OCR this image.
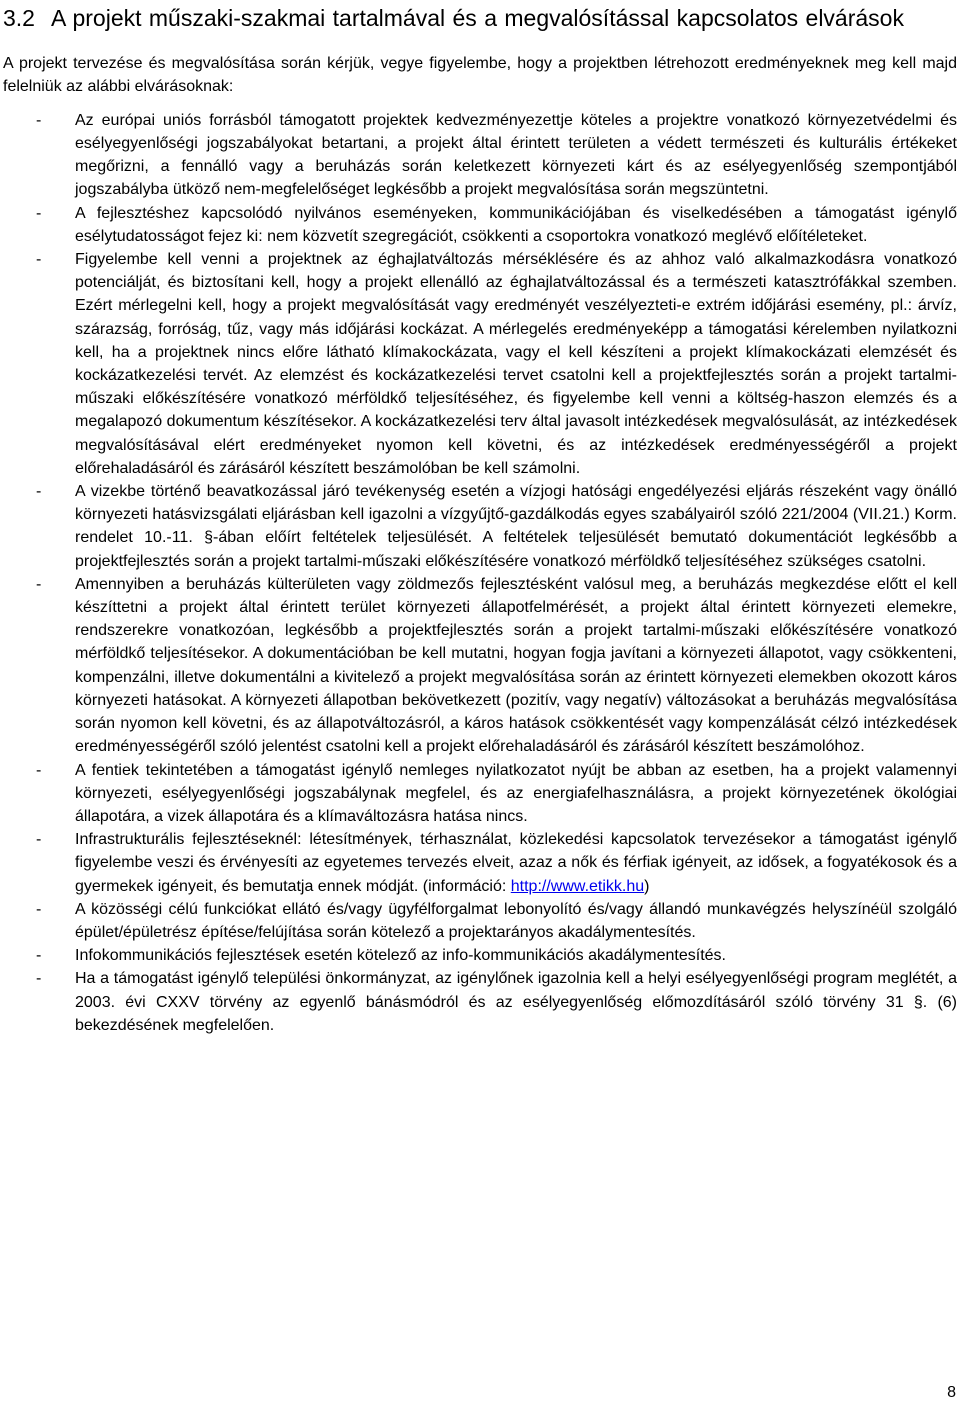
3.2 A projekt műszaki-szakmai tartalmával és a megvalósítással kapcsolatos elvárások

A projekt tervezése és megvalósítása során kérjük, vegye figyelembe, hogy a projektben létrehozott eredményeknek meg kell majd felelniük az alábbi elvárásoknak:

- Az európai uniós forrásból támogatott projektek kedvezményezettje köteles a projektre vonatkozó környezetvédelmi és esélyegyenlőségi jogszabályokat betartani, a projekt által érintett területen a védett természeti és kulturális értékeket megőrizni, a fennálló vagy a beruházás során keletkezett környezeti kárt és az esélyegyenlőség szempontjából jogszabályba ütköző nem-megfelelőséget legkésőbb a projekt megvalósítása során megszüntetni.
- A fejlesztéshez kapcsolódó nyilvános eseményeken, kommunikációjában és viselkedésében a támogatást igénylő esélytudatosságot fejez ki: nem közvetít szegregációt, csökkenti a csoportokra vonatkozó meglévő előítéleteket.
- Figyelembe kell venni a projektnek az éghajlatváltozás mérséklésére és az ahhoz való alkalmazkodásra vonatkozó potenciálját, és biztosítani kell, hogy a projekt ellenálló az éghajlatváltozással és a természeti katasztrófákkal szemben. Ezért mérlegelni kell, hogy a projekt megvalósítását vagy eredményét veszélyezteti-e extrém időjárási esemény, pl.: árvíz, szárazság, forróság, tűz, vagy más időjárási kockázat. A mérlegelés eredményeképp a támogatási kérelemben nyilatkozni kell, ha a projektnek nincs előre látható klímakockázata, vagy el kell készíteni a projekt klímakockázati elemzését és kockázatkezelési tervét. Az elemzést és kockázatkezelési tervet csatolni kell a projektfejlesztés során a projekt tartalmi-műszaki előkészítésére vonatkozó mérföldkő teljesítéséhez, és figyelembe kell venni a költség-haszon elemzés és a megalapozó dokumentum készítésekor. A kockázatkezelési terv által javasolt intézkedések megvalósulását, az intézkedések megvalósításával elért eredményeket nyomon kell követni, és az intézkedések eredményességéről a projekt előrehaladásáról és zárásáról készített beszámolóban be kell számolni.
- A vizekbe történő beavatkozással járó tevékenység esetén a vízjogi hatósági engedélyezési eljárás részeként vagy önálló környezeti hatásvizsgálati eljárásban kell igazolni a vízgyűjtő-gazdálkodás egyes szabályairól szóló 221/2004 (VII.21.) Korm. rendelet 10.-11. §-ában előírt feltételek teljesülését. A feltételek teljesülését bemutató dokumentációt legkésőbb a projektfejlesztés során a projekt tartalmi-műszaki előkészítésére vonatkozó mérföldkő teljesítéséhez szükséges csatolni.
- Amennyiben a beruházás külterületen vagy zöldmezős fejlesztésként valósul meg, a beruházás megkezdése előtt el kell készíttetni a projekt által érintett terület környezeti állapotfelmérését, a projekt által érintett környezeti elemekre, rendszerekre vonatkozóan, legkésőbb a projektfejlesztés során a projekt tartalmi-műszaki előkészítésére vonatkozó mérföldkő teljesítésekor. A dokumentációban be kell mutatni, hogyan fogja javítani a környezeti állapotot, vagy csökkenteni, kompenzálni, illetve dokumentálni a kivitelező a projekt megvalósítása során az érintett környezeti elemekben okozott káros környezeti hatásokat. A környezeti állapotban bekövetkezett (pozitív, vagy negatív) változásokat a beruházás megvalósítása során nyomon kell követni, és az állapotváltozásról, a káros hatások csökkentését vagy kompenzálását célzó intézkedések eredményességéről szóló jelentést csatolni kell a projekt előrehaladásáról és zárásáról készített beszámolóhoz.
- A fentiek tekintetében a támogatást igénylő nemleges nyilatkozatot nyújt be abban az esetben, ha a projekt valamennyi környezeti, esélyegyenlőségi jogszabálynak megfelel, és az energiafelhasználásra, a projekt környezetének ökológiai állapotára, a vizek állapotára és a klímaváltozásra hatása nincs.
- Infrastrukturális fejlesztéseknél: létesítmények, térhasználat, közlekedési kapcsolatok tervezésekor a támogatást igénylő figyelembe veszi és érvényesíti az egyetemes tervezés elveit, azaz a nők és férfiak igényeit, az idősek, a fogyatékosok és a gyermekek igényeit, és bemutatja ennek módját. (információ: http://www.etikk.hu)
- A közösségi célú funkciókat ellátó és/vagy ügyfélforgalmat lebonyolító és/vagy állandó munkavégzés helyszínéül szolgáló épület/épületrész építése/felújítása során kötelező a projektarányos akadálymentesítés.
- Infokommunikációs fejlesztések esetén kötelező az info-kommunikációs akadálymentesítés.
- Ha a támogatást igénylő települési önkormányzat, az igénylőnek igazolnia kell a helyi esélyegyenlőségi program meglétét, a 2003. évi CXXV törvény az egyenlő bánásmódról és az esélyegyenlőség előmozdításáról szóló törvény 31 §. (6) bekezdésének megfelelően.
8
